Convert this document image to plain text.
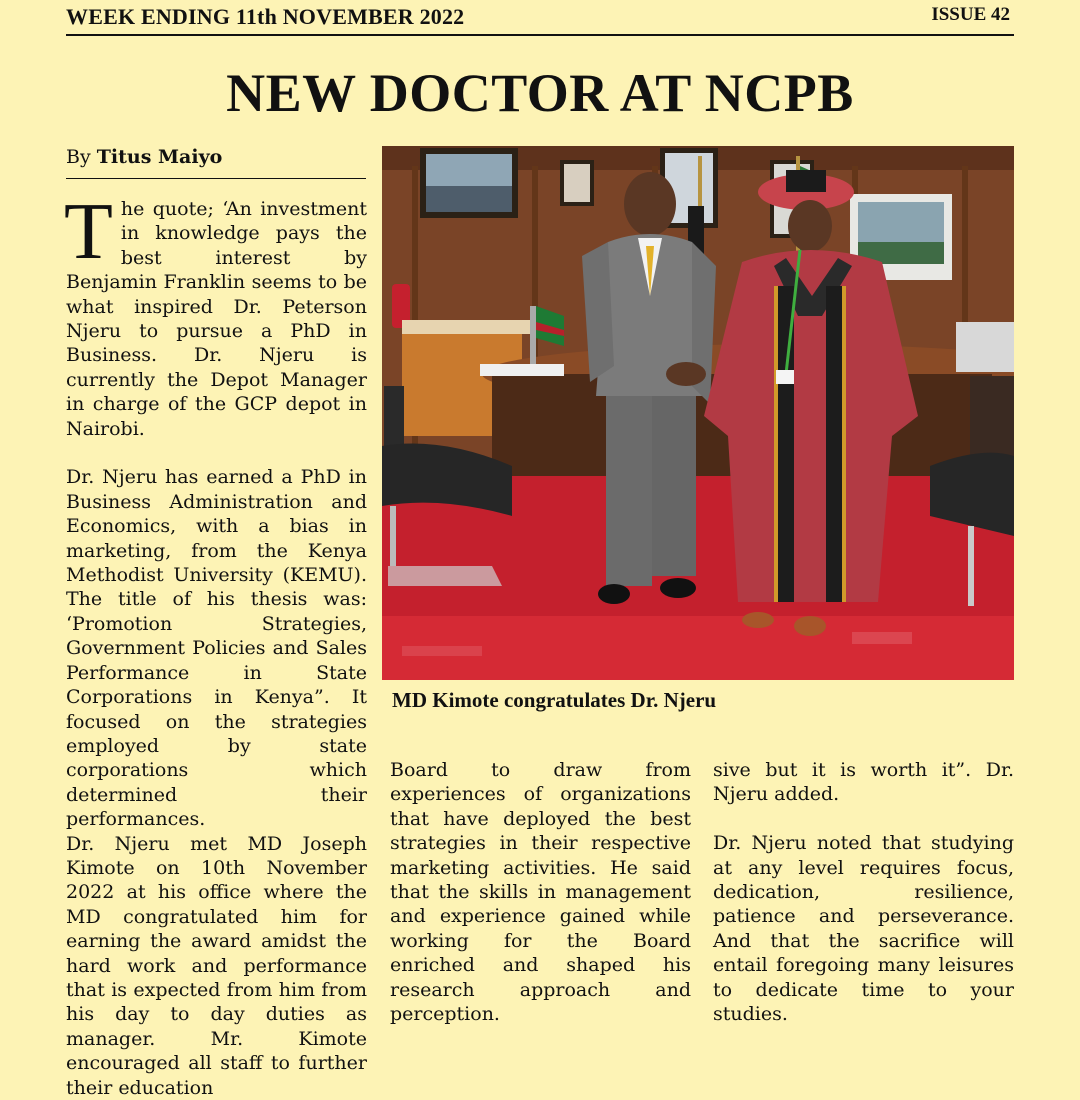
WEEK ENDING 11th NOVEMBER 2022	ISSUE 42
NEW DOCTOR AT NCPB
By Titus Maiyo

The quote; ‘An investment in knowledge pays the best interest by Benjamin Franklin seems to be what inspired Dr. Peterson Njeru to pursue a PhD in Business. Dr. Njeru is currently the Depot Manager in charge of the GCP depot in Nairobi.

Dr. Njeru has earned a PhD in Business Administration and Economics, with a bias in marketing, from the Kenya Methodist University (KEMU). The title of his thesis was: ‘Promotion Strategies, Government Policies and Sales Performance in State Corporations in Kenya”. It focused on the strategies employed by state corporations which determined their performances.

Dr. Njeru met MD Joseph Kimote on 10th November 2022 at his office where the MD congratulated him for earning the award amidst the hard work and performance that is expected from him from his day to day duties as manager. Mr. Kimote encouraged all staff to further their education

MD Kimote congratulates Dr. Njeru

Board to draw from experiences of organizations that have deployed the best strategies in their respective marketing activities. He said that the skills in management and experience gained while working for the Board enriched and shaped his research approach and perception.

sive but it is worth it”. Dr. Njeru added.

Dr. Njeru noted that studying at any level requires focus, dedication, resilience, patience and perseverance. And that the sacrifice will entail foregoing many leisures to dedicate time to your studies.
